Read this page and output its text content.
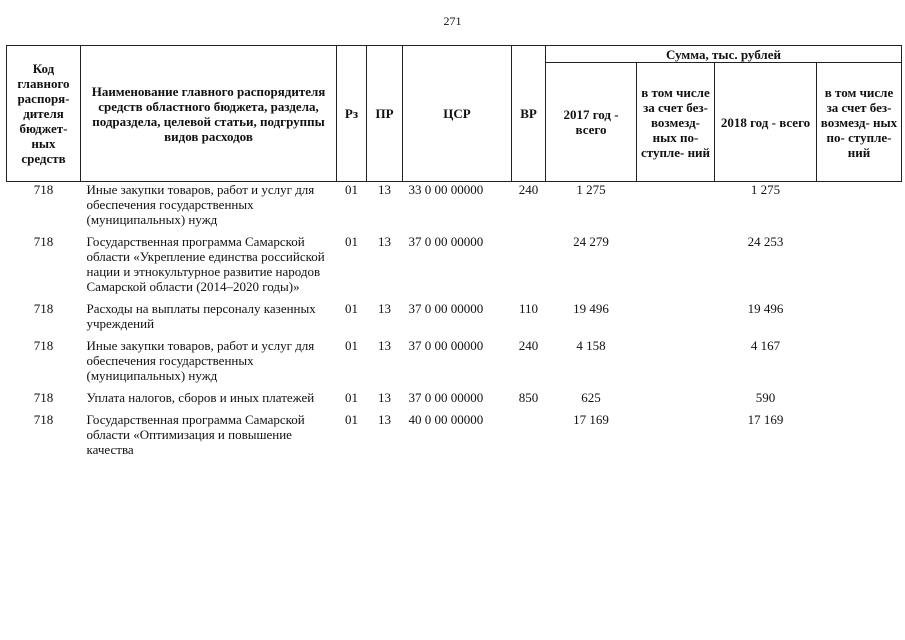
271
Код главного распоря- дителя бюджет- ных средств	Наименование главного распорядителя средств областного бюджета, раздела, подраздела, целевой статьи, подгруппы видов расходов	Рз	ПР	ЦСР	ВР	Сумма, тыс. рублей			
						2017 год - всего	в том числе за счет без- возмезд- ных по- ступле- ний	2018 год - всего	в том числе за счет без- возмезд- ных по- ступле- ний
718	Иные закупки товаров, работ и услуг для обеспечения государственных (муниципальных) нужд	01	13	33 0 00 00000	240	1 275		1 275	
718	Государственная программа Самарской области «Укрепление единства российской нации и этнокультурное развитие народов Самарской области (2014–2020 годы)»	01	13	37 0 00 00000		24 279		24 253	
718	Расходы на выплаты персоналу казенных учреждений	01	13	37 0 00 00000	110	19 496		19 496	
718	Иные закупки товаров, работ и услуг для обеспечения государственных (муниципальных) нужд	01	13	37 0 00 00000	240	4 158		4 167	
718	Уплата налогов, сборов и иных платежей	01	13	37 0 00 00000	850	625		590	
718	Государственная программа Самарской области «Оптимизация и повышение качества	01	13	40 0 00 00000		17 169		17 169	
